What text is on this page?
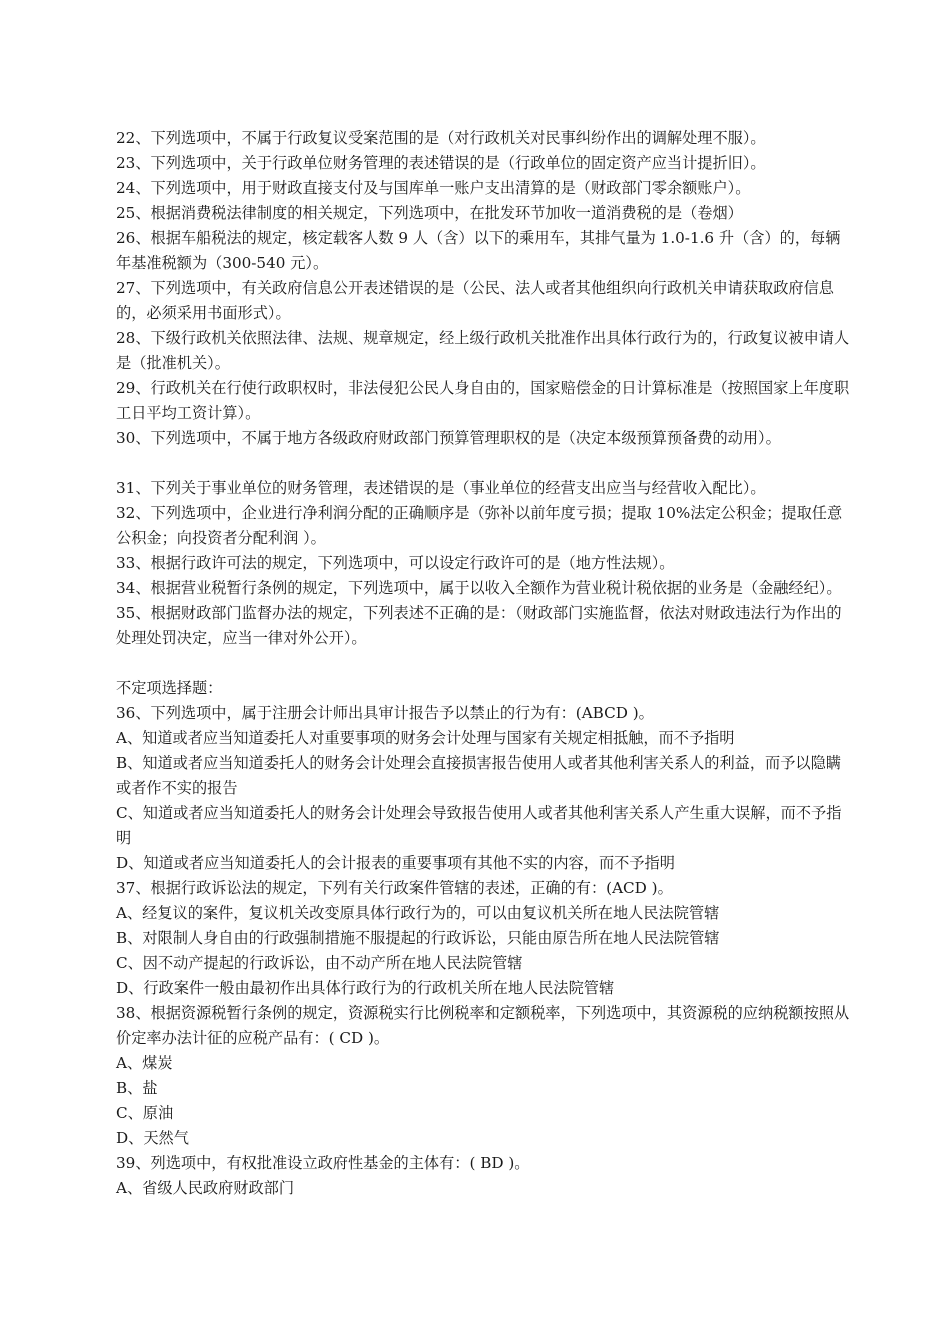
22、下列选项中，不属于行政复议受案范围的是（对行政机关对民事纠纷作出的调解处理不服）。

23、下列选项中，关于行政单位财务管理的表述错误的是（行政单位的固定资产应当计提折旧）。

24、下列选项中，用于财政直接支付及与国库单一账户支出清算的是（财政部门零余额账户）。

25、根据消费税法律制度的相关规定，下列选项中，在批发环节加收一道消费税的是（卷烟）

26、根据车船税法的规定，核定载客人数 9 人（含）以下的乘用车，其排气量为 1.0-1.6 升（含）的，每辆年基准税额为（300-540 元）。

27、下列选项中，有关政府信息公开表述错误的是（公民、法人或者其他组织向行政机关申请获取政府信息的，必须采用书面形式）。

28、下级行政机关依照法律、法规、规章规定，经上级行政机关批准作出具体行政行为的，行政复议被申请人是（批准机关）。

29、行政机关在行使行政职权时，非法侵犯公民人身自由的，国家赔偿金的日计算标准是（按照国家上年度职工日平均工资计算）。

30、下列选项中，不属于地方各级政府财政部门预算管理职权的是（决定本级预算预备费的动用）。

31、下列关于事业单位的财务管理，表述错误的是（事业单位的经营支出应当与经营收入配比）。

32、下列选项中，企业进行净利润分配的正确顺序是（弥补以前年度亏损；提取 10%法定公积金；提取任意公积金；向投资者分配利润 ）。

33、根据行政许可法的规定，下列选项中，可以设定行政许可的是（地方性法规）。

34、根据营业税暂行条例的规定，下列选项中，属于以收入全额作为营业税计税依据的业务是（金融经纪）。

35、根据财政部门监督办法的规定，下列表述不正确的是：（财政部门实施监督，依法对财政违法行为作出的处理处罚决定，应当一律对外公开）。

不定项选择题：

36、下列选项中，属于注册会计师出具审计报告予以禁止的行为有：(ABCD )。

A、知道或者应当知道委托人对重要事项的财务会计处理与国家有关规定相抵触，而不予指明

B、知道或者应当知道委托人的财务会计处理会直接损害报告使用人或者其他利害关系人的利益，而予以隐瞒或者作不实的报告

C、知道或者应当知道委托人的财务会计处理会导致报告使用人或者其他利害关系人产生重大误解，而不予指明

D、知道或者应当知道委托人的会计报表的重要事项有其他不实的内容，而不予指明

37、根据行政诉讼法的规定，下列有关行政案件管辖的表述，正确的有：(ACD )。

A、经复议的案件，复议机关改变原具体行政行为的，可以由复议机关所在地人民法院管辖

B、对限制人身自由的行政强制措施不服提起的行政诉讼，只能由原告所在地人民法院管辖

C、因不动产提起的行政诉讼，由不动产所在地人民法院管辖

D、行政案件一般由最初作出具体行政行为的行政机关所在地人民法院管辖

38、根据资源税暂行条例的规定，资源税实行比例税率和定额税率，下列选项中，其资源税的应纳税额按照从价定率办法计征的应税产品有：( CD )。

A、煤炭

B、盐

C、原油

D、天然气

39、列选项中，有权批准设立政府性基金的主体有：( BD )。

A、省级人民政府财政部门
